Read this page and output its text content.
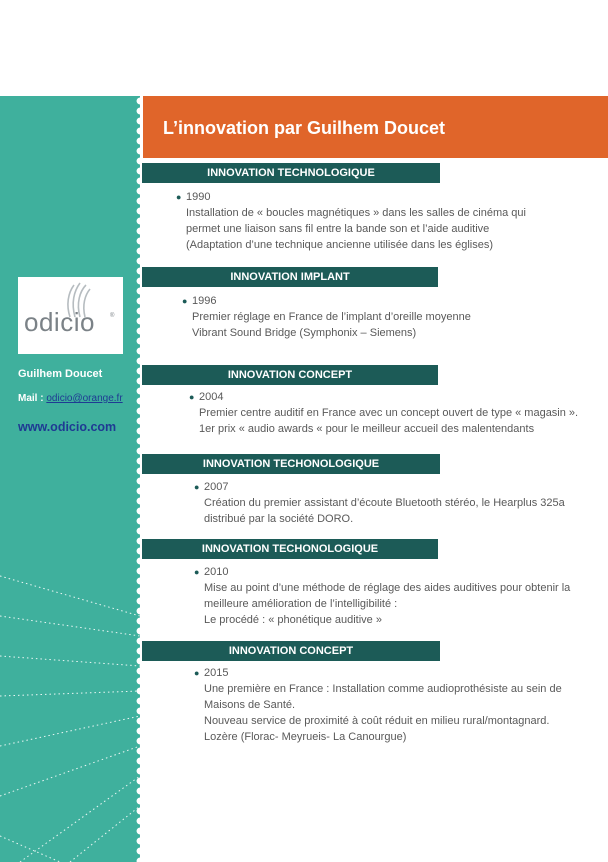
odicio	®
Guilhem Doucet
Mail : odicio@orange.fr
www.odicio.com
L’innovation par Guilhem Doucet
INNOVATION TECHNOLOGIQUE
● 1990
Installation de « boucles magnétiques » dans les salles de cinéma qui
permet une liaison sans fil entre la bande son et l’aide auditive
(Adaptation d’une technique ancienne utilisée dans les églises)
INNOVATION IMPLANT
● 1996
Premier réglage en France de l’implant d’oreille moyenne
Vibrant Sound Bridge (Symphonix – Siemens)
INNOVATION CONCEPT
● 2004
Premier centre auditif en France avec un concept ouvert de type « magasin ».
1er prix « audio awards « pour le meilleur accueil des malentendants
INNOVATION TECHONOLOGIQUE
● 2007
Création du premier assistant d’écoute Bluetooth stéréo, le Hearplus 325a
distribué par la société DORO.
INNOVATION TECHONOLOGIQUE
● 2010
Mise au point d’une méthode de réglage des aides auditives pour obtenir la
meilleure amélioration de l’intelligibilité :
Le procédé : « phonétique auditive »
INNOVATION CONCEPT
● 2015
Une première en France : Installation comme audioprothésiste au sein de
Maisons de Santé.
Nouveau service de proximité à coût réduit en milieu rural/montagnard.
Lozère (Florac- Meyrueis- La Canourgue)
